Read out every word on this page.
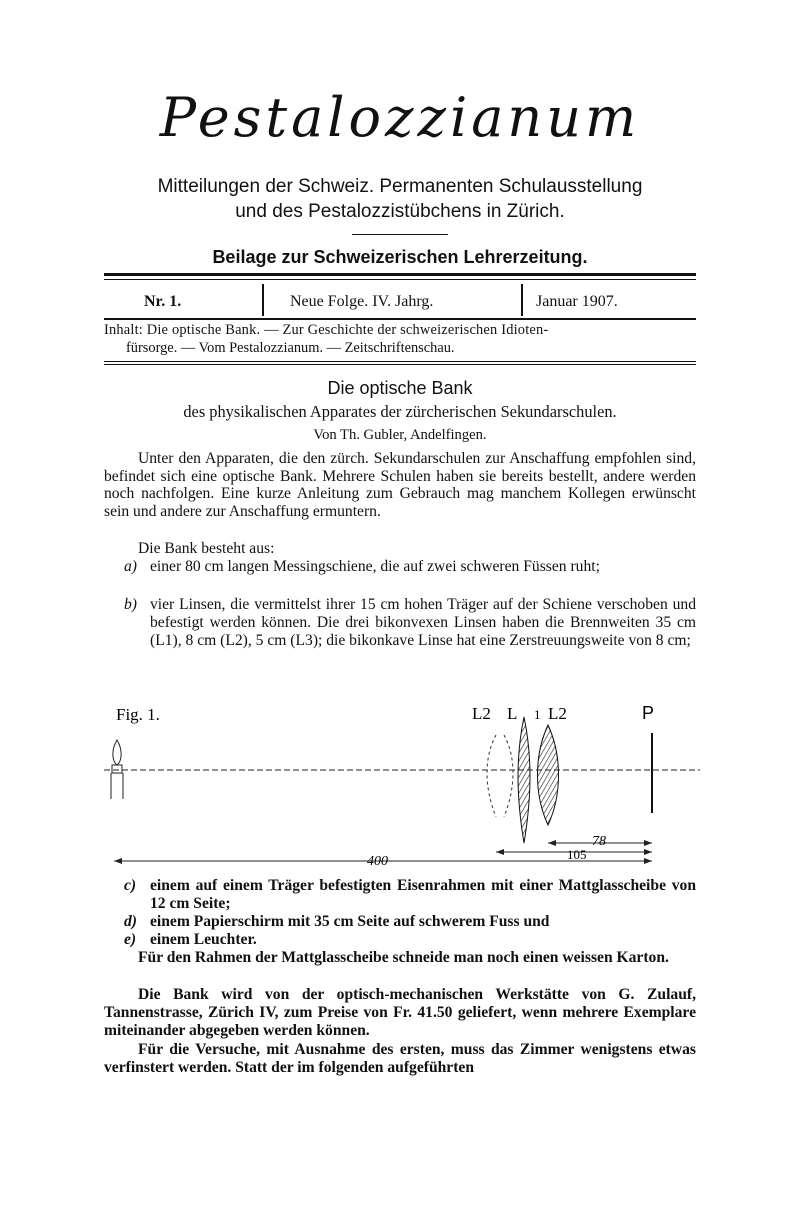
Pestalozzianum
Mitteilungen der Schweiz. Permanenten Schulausstellung
und des Pestalozzistübchens in Zürich.
Beilage zur Schweizerischen Lehrerzeitung.
Nr. 1.	Neue Folge. IV. Jahrg.	Januar 1907.
Inhalt: Die optische Bank. — Zur Geschichte der schweizerischen Idioten-
fürsorge. — Vom Pestalozzianum. — Zeitschriftenschau.
Die optische Bank
des physikalischen Apparates der zürcherischen Sekundarschulen.
Von Th. Gubler, Andelfingen.
Unter den Apparaten, die den zürch. Sekundarschulen zur Anschaffung empfohlen sind, befindet sich eine optische Bank. Mehrere Schulen haben sie bereits bestellt, andere werden noch nachfolgen. Eine kurze Anleitung zum Gebrauch mag manchem Kollegen erwünscht sein und andere zur Anschaffung ermuntern.
Die Bank besteht aus:
a) einer 80 cm langen Messingschiene, die auf zwei schweren Füssen ruht;
b) vier Linsen, die vermittelst ihrer 15 cm hohen Träger auf der Schiene verschoben und befestigt werden können. Die drei bikonvexen Linsen haben die Brennweiten 35 cm (L1), 8 cm (L2), 5 cm (L3); die bikonkave Linse hat eine Zerstreuungsweite von 8 cm;
Fig. 1.	L2 L 1 L2	P
78
105
400
c) einem auf einem Träger befestigten Eisenrahmen mit einer Mattglasscheibe von 12 cm Seite;
d) einem Papierschirm mit 35 cm Seite auf schwerem Fuss und
e) einem Leuchter.
Für den Rahmen der Mattglasscheibe schneide man noch einen weissen Karton.
Die Bank wird von der optisch-mechanischen Werkstätte von G. Zulauf, Tannenstrasse, Zürich IV, zum Preise von Fr. 41.50 geliefert, wenn mehrere Exemplare miteinander abgegeben werden können.
Für die Versuche, mit Ausnahme des ersten, muss das Zimmer wenigstens etwas verfinstert werden. Statt der im folgenden aufgeführten
